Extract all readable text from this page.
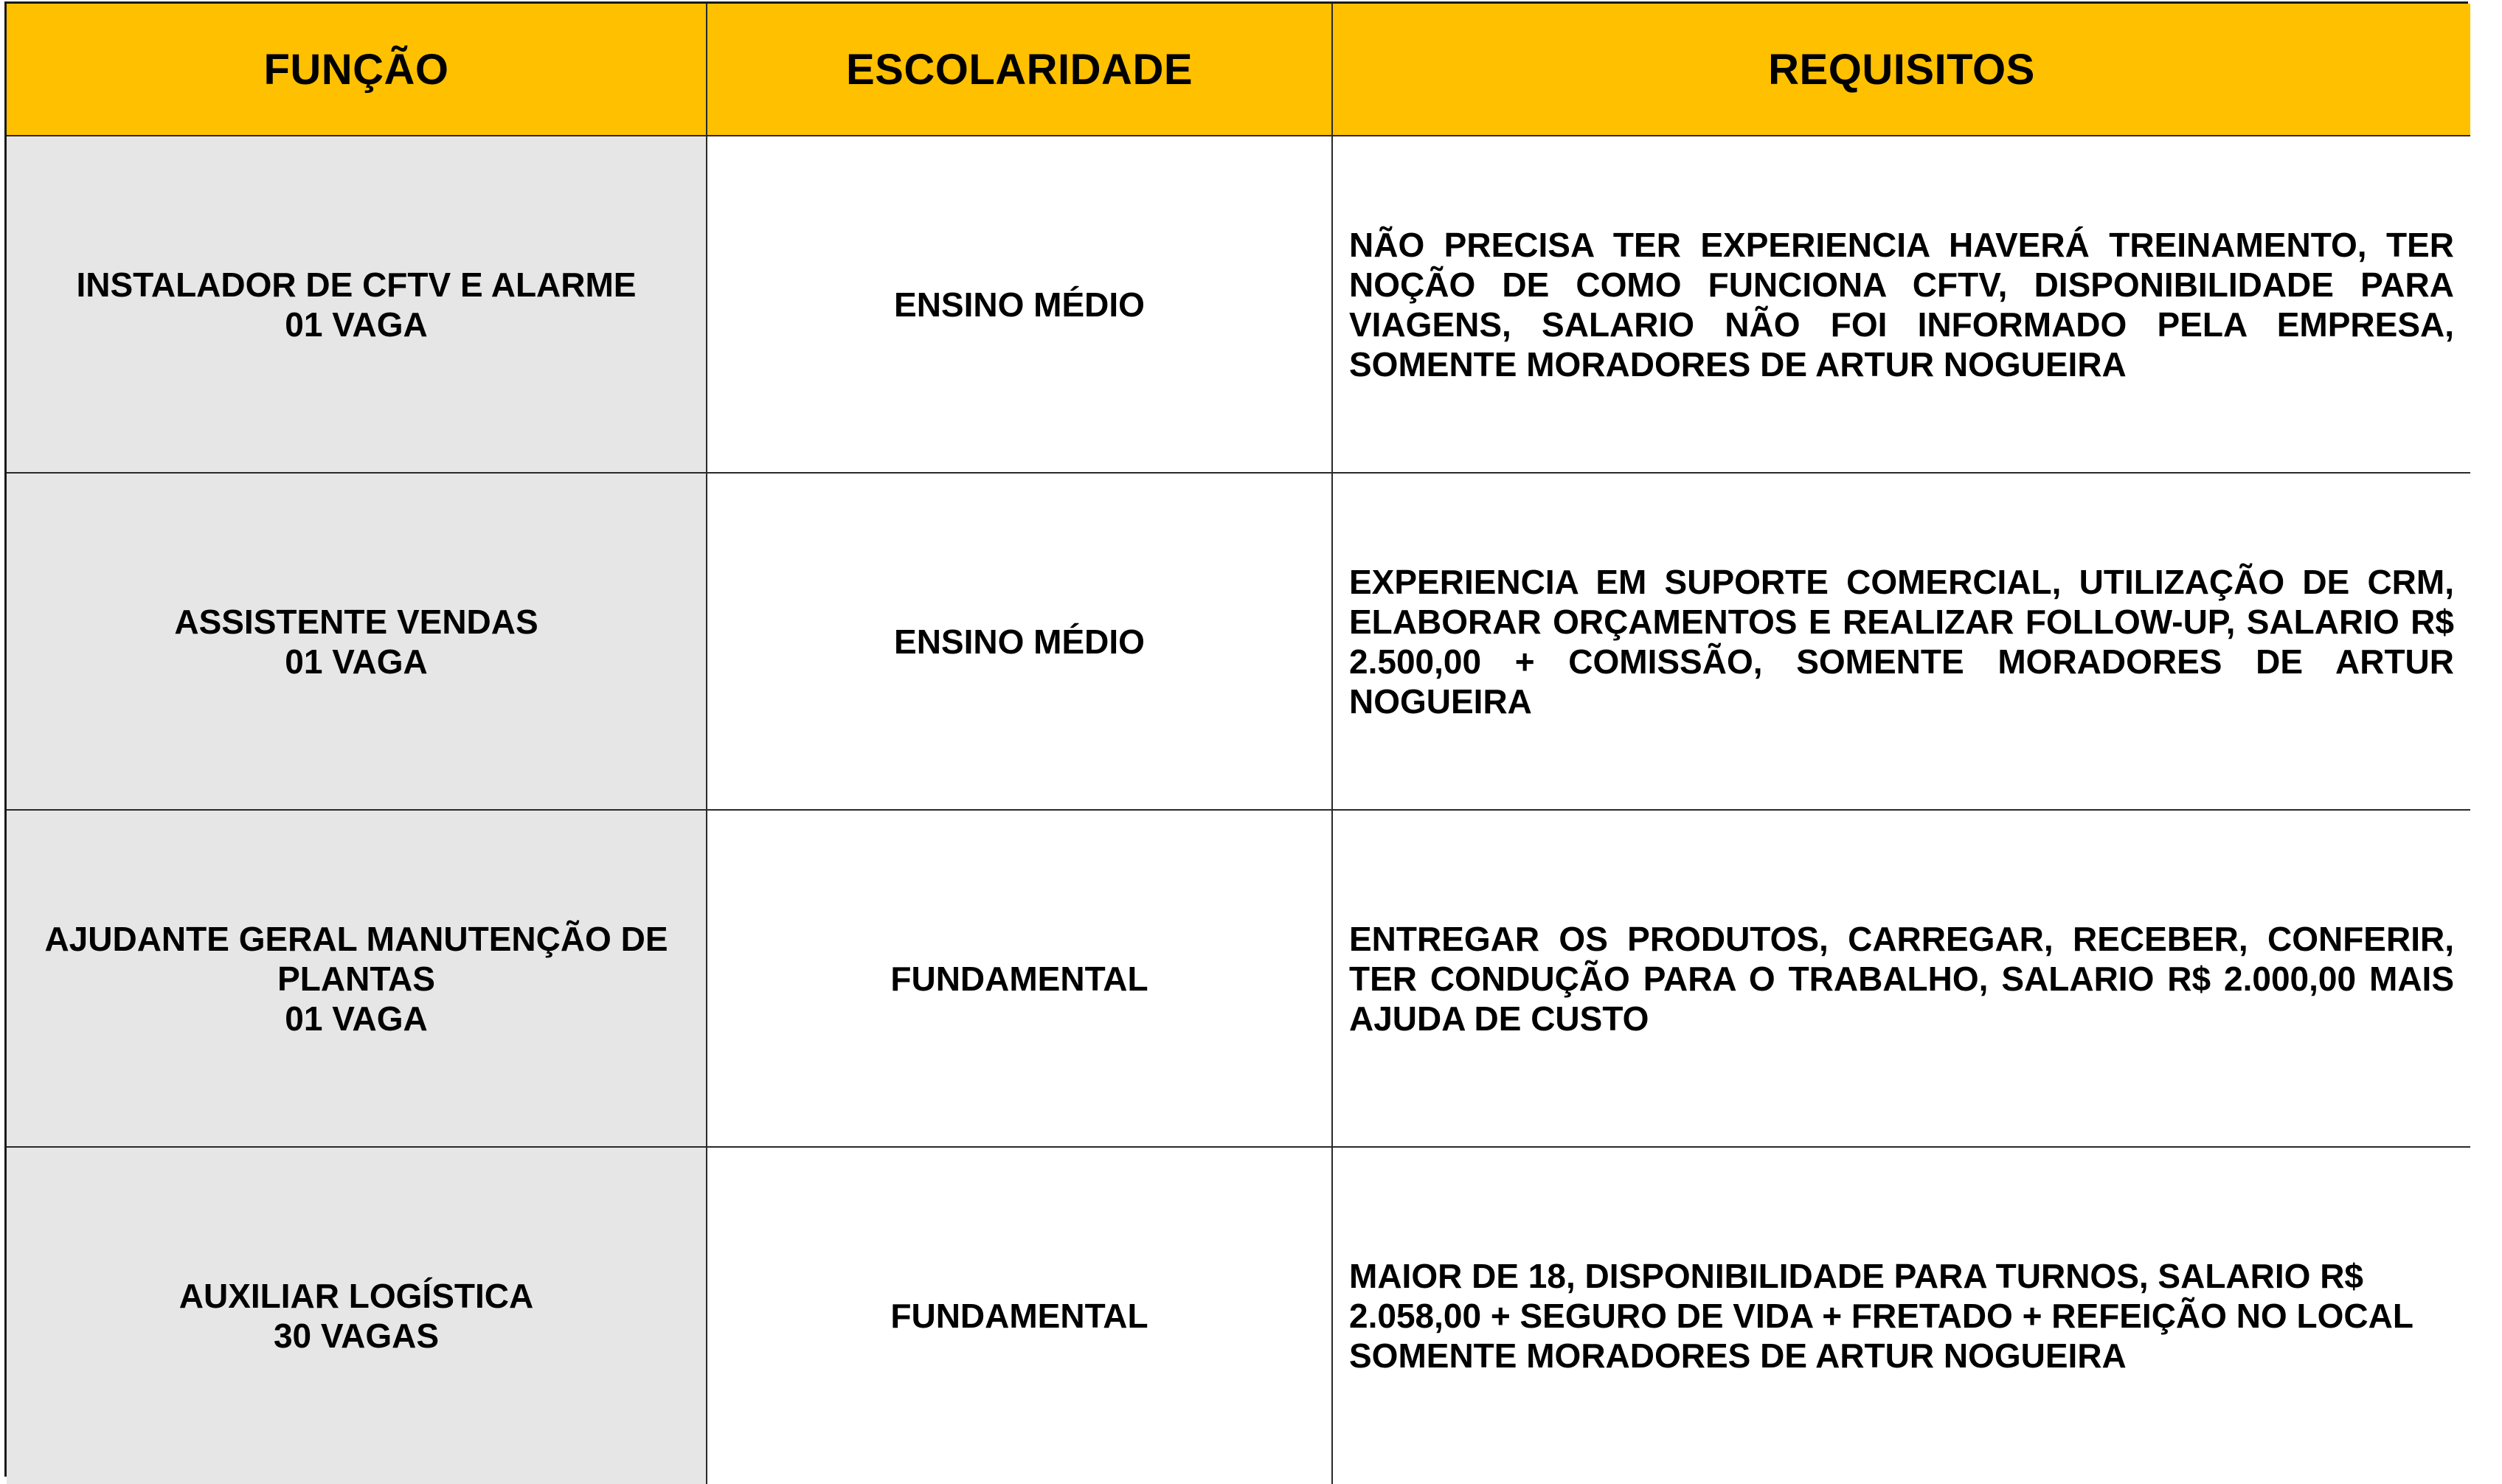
FUNÇÃO	ESCOLARIDADE	REQUISITOS
INSTALADOR DE CFTV E ALARME
01 VAGA
ENSINO MÉDIO
NÃO PRECISA TER EXPERIENCIA HAVERÁ TREINAMENTO, TER NOÇÃO DE COMO FUNCIONA CFTV, DISPONIBILIDADE PARA VIAGENS, SALARIO NÃO FOI INFORMADO PELA EMPRESA, SOMENTE MORADORES DE ARTUR NOGUEIRA
ASSISTENTE VENDAS
01 VAGA
ENSINO MÉDIO
EXPERIENCIA EM SUPORTE COMERCIAL, UTILIZAÇÃO DE CRM, ELABORAR ORÇAMENTOS E REALIZAR FOLLOW-UP, SALARIO R$ 2.500,00 + COMISSÃO, SOMENTE MORADORES DE ARTUR NOGUEIRA
AJUDANTE GERAL MANUTENÇÃO DE PLANTAS
01 VAGA
FUNDAMENTAL
ENTREGAR OS PRODUTOS, CARREGAR, RECEBER, CONFERIR, TER CONDUÇÃO PARA O TRABALHO, SALARIO R$ 2.000,00 MAIS AJUDA DE CUSTO
AUXILIAR LOGÍSTICA
30 VAGAS
FUNDAMENTAL
MAIOR DE 18, DISPONIBILIDADE PARA TURNOS, SALARIO R$
2.058,00 + SEGURO DE VIDA + FRETADO + REFEIÇÃO NO LOCAL
SOMENTE MORADORES DE ARTUR NOGUEIRA
